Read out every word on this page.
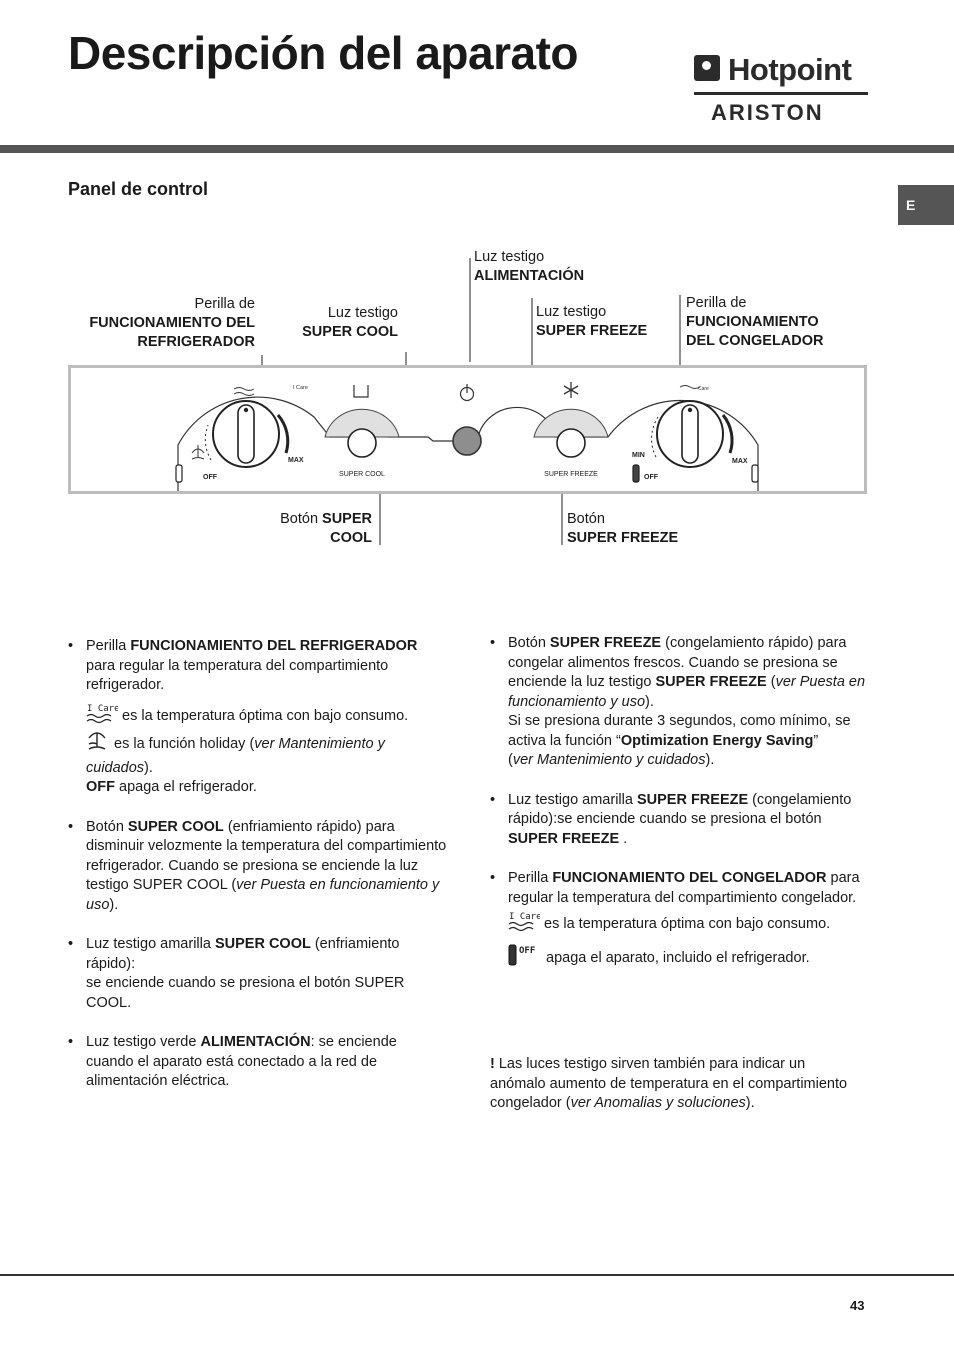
Descripción del aparato	Hotpoint
ARISTON
Panel de control
E
Perilla de
FUNCIONAMIENTO DEL
REFRIGERADOR
Luz testigo
SUPER COOL
Luz testigo
ALIMENTACIÓN
Luz testigo
SUPER FREEZE
Perilla de
FUNCIONAMIENTO
DEL CONGELADOR
Botón SUPER
COOL
Botón
SUPER FREEZE
I Care
OFF
MAX
SUPER COOL	SUPER FREEZE
Care
MIN
OFF
MAX
• Perilla FUNCIONAMIENTO DEL REFRIGERADOR para regular la temperatura del compartimiento refrigerador.

I Care
es la temperatura óptima con bajo consumo.

es la función holiday (ver Mantenimiento y cuidados).

OFF apaga el refrigerador.

• Botón SUPER COOL (enfriamiento rápido) para disminuir velozmente la temperatura del compartimiento refrigerador. Cuando se presiona se enciende la luz testigo SUPER COOL (ver Puesta en funcionamiento y uso).
• Luz testigo amarilla SUPER COOL (enfriamiento rápido):

se enciende cuando se presiona el botón SUPER COOL.

• Luz testigo verde ALIMENTACIÓN: se enciende cuando el aparato está conectado a la red de alimentación eléctrica.
• Botón SUPER FREEZE (congelamiento rápido) para congelar alimentos frescos. Cuando se presiona se enciende la luz testigo SUPER FREEZE (ver Puesta en funcionamiento y uso).

Si se presiona durante 3 segundos, como mínimo, se activa la función “Optimization Energy Saving”

(ver Mantenimiento y cuidados).

• Luz testigo amarilla SUPER FREEZE (congelamiento rápido):se enciende cuando se presiona el botón SUPER FREEZE .
• Perilla FUNCIONAMIENTO DEL CONGELADOR para regular la temperatura del compartimiento congelador.

I Care
es la temperatura óptima con bajo consumo.

OFF apaga el aparato, incluido el refrigerador.

! Las luces testigo sirven también para indicar un anómalo aumento de temperatura en el compartimiento congelador (ver Anomalias y soluciones).
43
